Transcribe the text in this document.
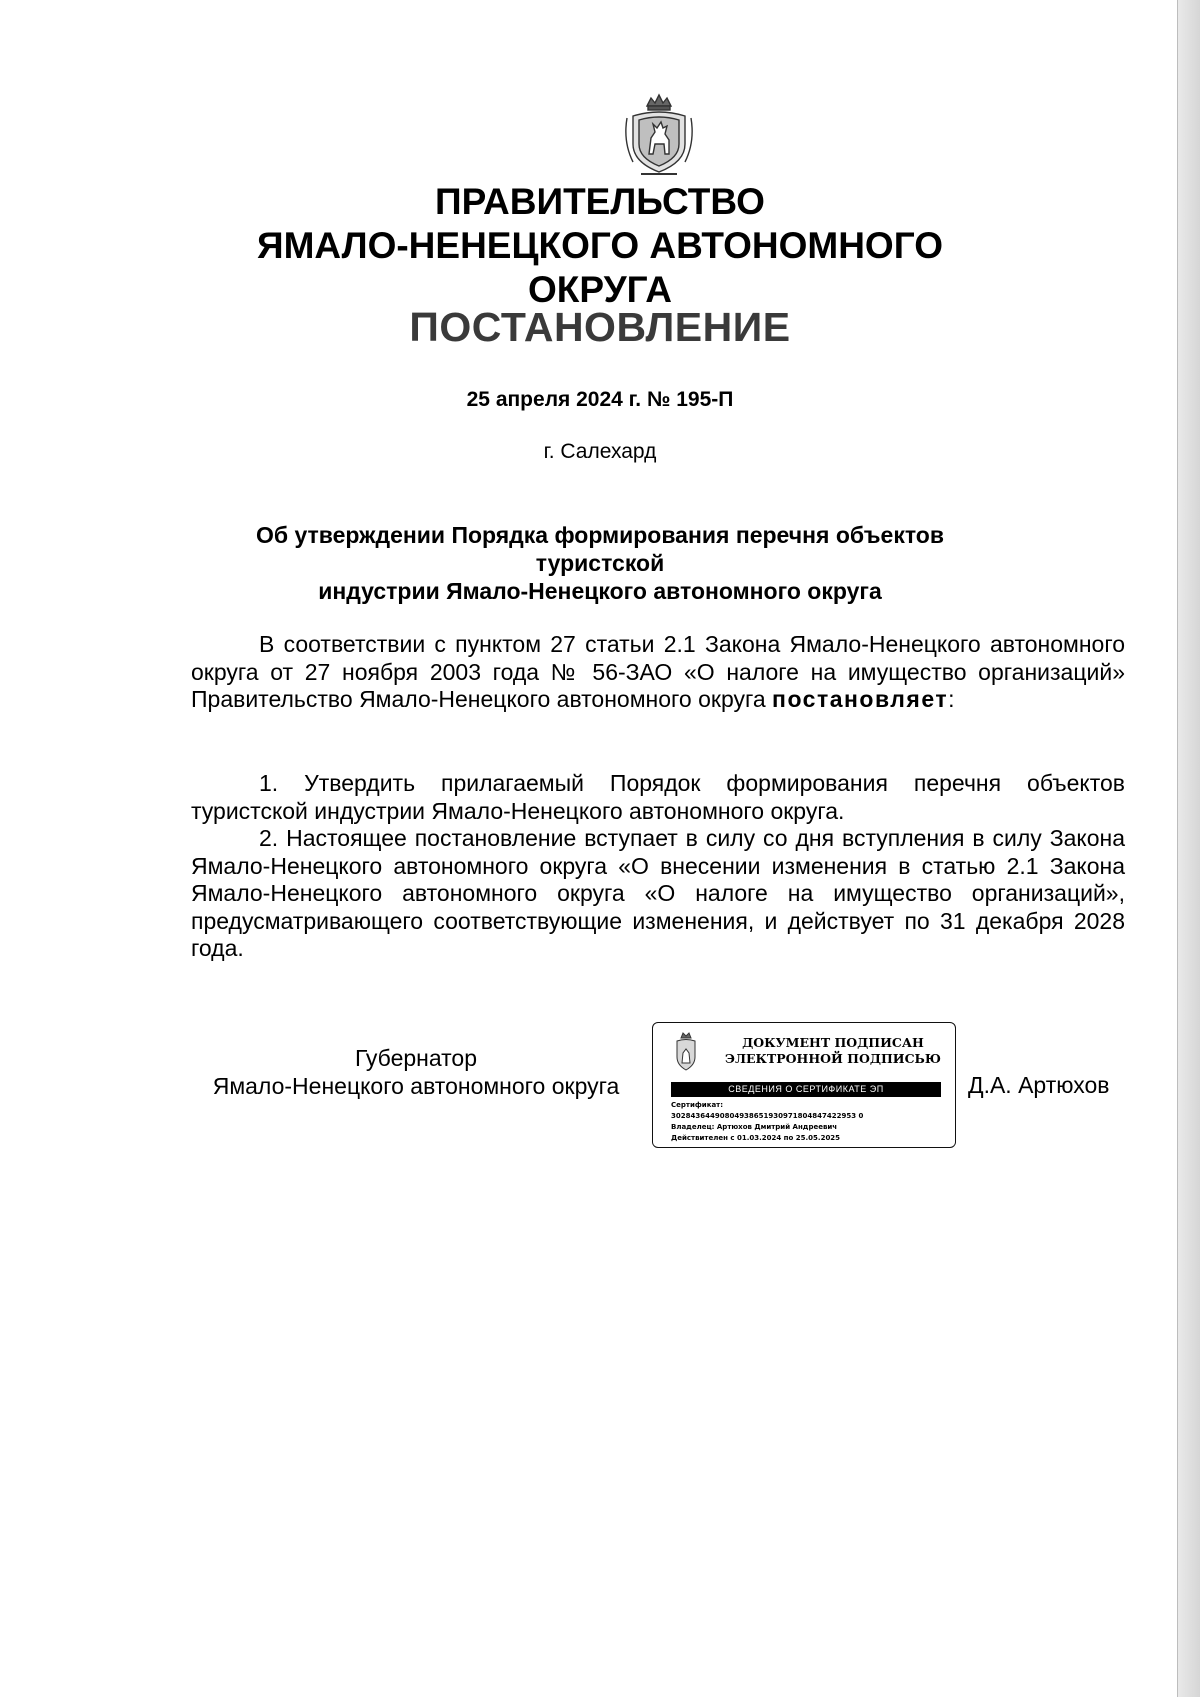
ПРАВИТЕЛЬСТВО
ЯМАЛО-НЕНЕЦКОГО АВТОНОМНОГО ОКРУГА
ПОСТАНОВЛЕНИЕ
25 апреля 2024 г. № 195-П
г. Салехард
Об утверждении Порядка формирования перечня объектов туристской
индустрии Ямало-Ненецкого автономного округа

В соответствии с пунктом 27 статьи 2.1 Закона Ямало-Ненецкого автономного округа от 27 ноября 2003 года № 56-ЗАО «О налоге на имущество организаций» Правительство Ямало-Ненецкого автономного округа постановляет:

1. Утвердить прилагаемый Порядок формирования перечня объектов туристской индустрии Ямало-Ненецкого автономного округа.

2. Настоящее постановление вступает в силу со дня вступления в силу Закона Ямало-Ненецкого автономного округа «О внесении изменения в статью 2.1 Закона Ямало-Ненецкого автономного округа «О налоге на имущество организаций», предусматривающего соответствующие изменения, и действует по 31 декабря 2028 года.

Губернатор
Ямало-Ненецкого автономного округа
ДОКУМЕНТ ПОДПИСАН
ЭЛЕКТРОННОЙ ПОДПИСЬЮ
СВЕДЕНИЯ О СЕРТИФИКАТЕ ЭП
Сертификат:
30284364490804938651930971804847422953 0
Владелец: Артюхов Дмитрий Андреевич
Действителен с 01.03.2024 по 25.05.2025
Д.А. Артюхов
